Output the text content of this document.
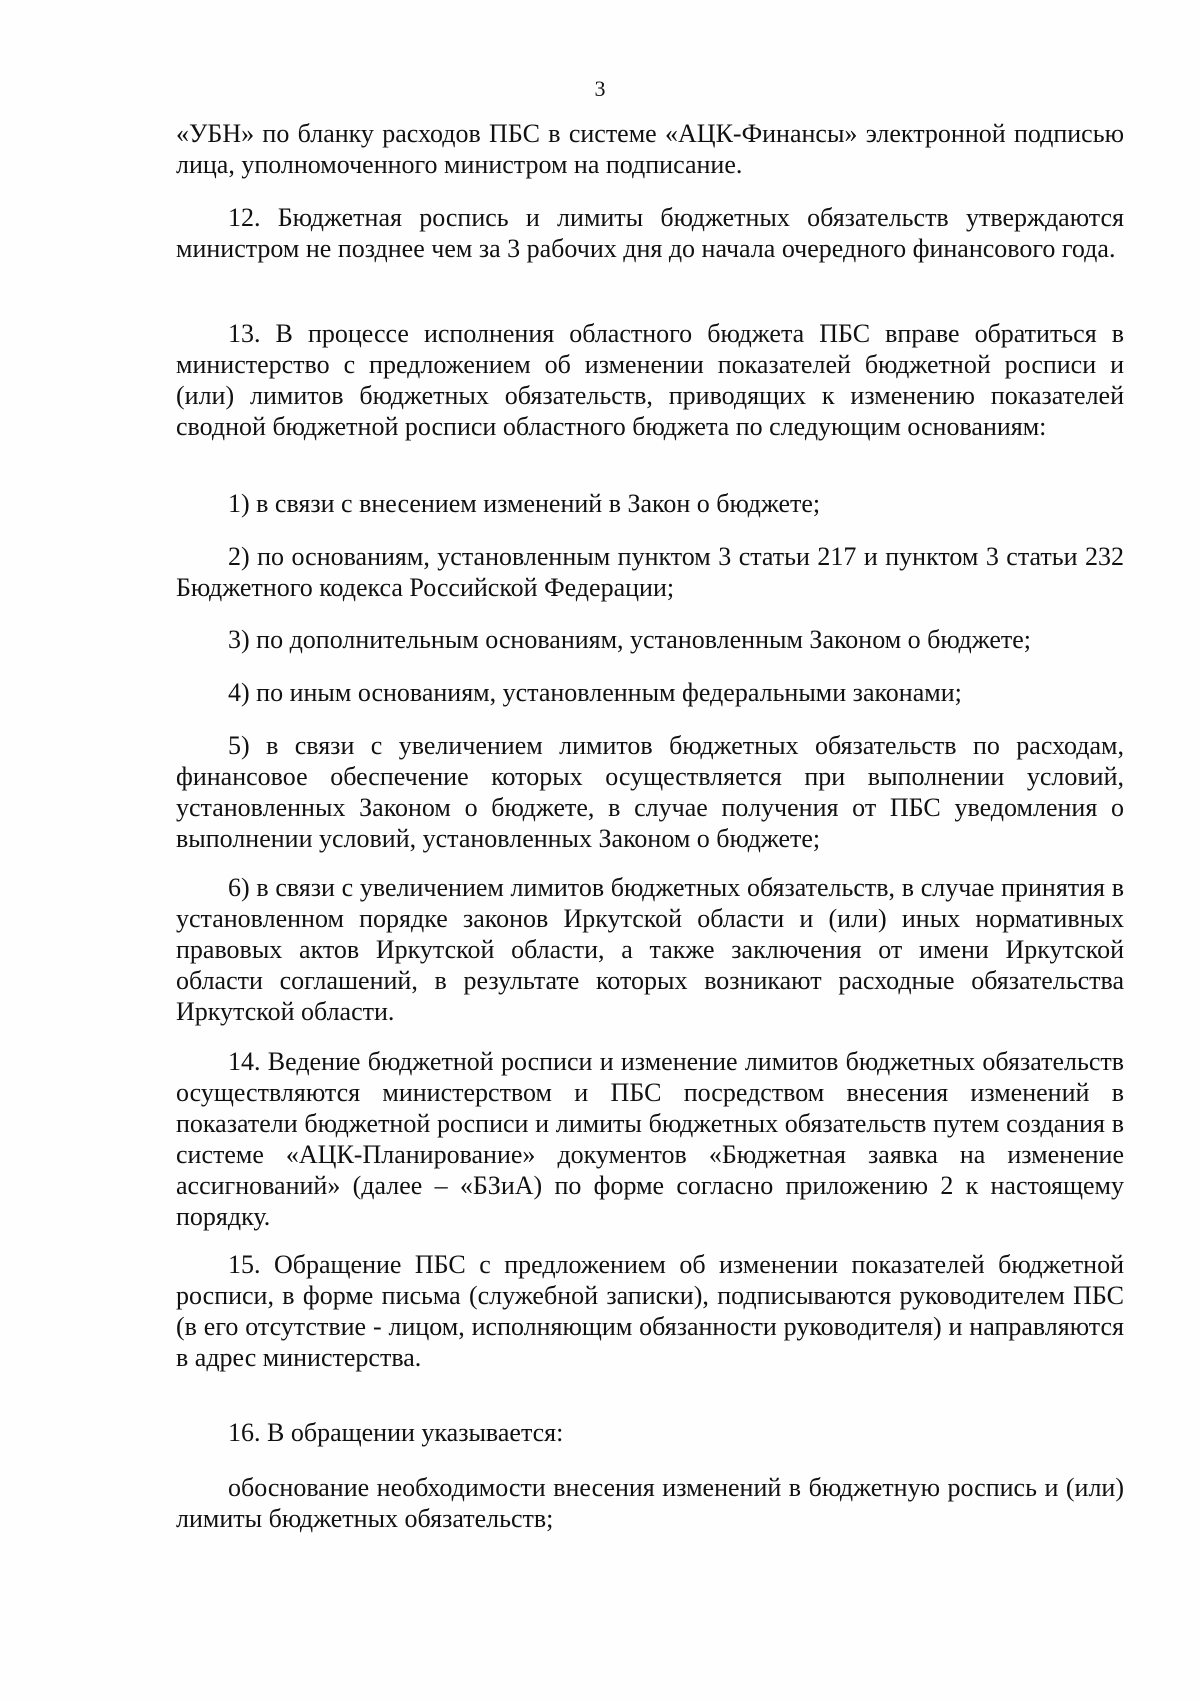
3

«УБН» по бланку расходов ПБС в системе «АЦК-Финансы» электронной подписью лица, уполномоченного министром на подписание.

12. Бюджетная роспись и лимиты бюджетных обязательств утверждаются министром не позднее чем за 3 рабочих дня до начала очередного финансового года.

13. В процессе исполнения областного бюджета ПБС вправе обратиться в министерство с предложением об изменении показателей бюджетной росписи и (или) лимитов бюджетных обязательств, приводящих к изменению показателей сводной бюджетной росписи областного бюджета по следующим основаниям:

1) в связи с внесением изменений в Закон о бюджете;

2) по основаниям, установленным пунктом 3 статьи 217 и пунктом 3 статьи 232 Бюджетного кодекса Российской Федерации;

3) по дополнительным основаниям, установленным Законом о бюджете;

4) по иным основаниям, установленным федеральными законами;

5) в связи с увеличением лимитов бюджетных обязательств по расходам, финансовое обеспечение которых осуществляется при выполнении условий, установленных Законом о бюджете, в случае получения от ПБС уведомления о выполнении условий, установленных Законом о бюджете;

6) в связи с увеличением лимитов бюджетных обязательств, в случае принятия в установленном порядке законов Иркутской области и (или) иных нормативных правовых актов Иркутской области, а также заключения от имени Иркутской области соглашений, в результате которых возникают расходные обязательства Иркутской области.

14. Ведение бюджетной росписи и изменение лимитов бюджетных обязательств осуществляются министерством и ПБС посредством внесения изменений в показатели бюджетной росписи и лимиты бюджетных обязательств путем создания в системе «АЦК-Планирование» документов «Бюджетная заявка на изменение ассигнований» (далее – «БЗиА) по форме согласно приложению 2 к настоящему порядку.

15. Обращение ПБС с предложением об изменении показателей бюджетной росписи, в форме письма (служебной записки), подписываются руководителем ПБС (в его отсутствие - лицом, исполняющим обязанности руководителя) и направляются в адрес министерства.

16. В обращении указывается:

обоснование необходимости внесения изменений в бюджетную роспись и (или) лимиты бюджетных обязательств;
